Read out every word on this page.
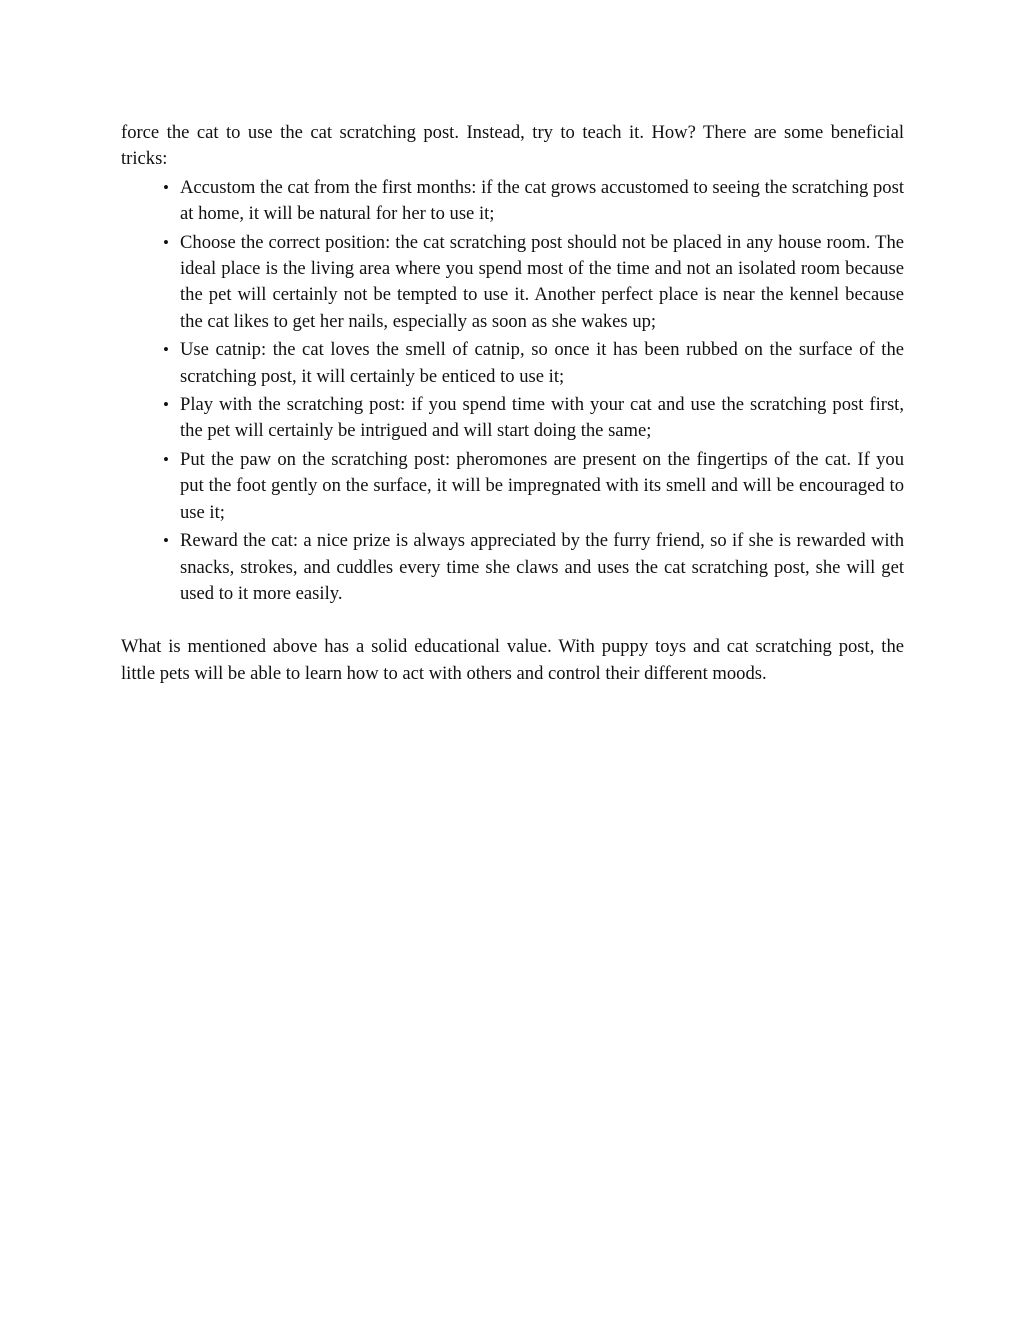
force the cat to use the cat scratching post. Instead, try to teach it. How? There are some beneficial tricks:

• Accustom the cat from the first months: if the cat grows accustomed to seeing the scratching post at home, it will be natural for her to use it;
• Choose the correct position: the cat scratching post should not be placed in any house room. The ideal place is the living area where you spend most of the time and not an isolated room because the pet will certainly not be tempted to use it. Another perfect place is near the kennel because the cat likes to get her nails, especially as soon as she wakes up;
• Use catnip: the cat loves the smell of catnip, so once it has been rubbed on the surface of the scratching post, it will certainly be enticed to use it;
• Play with the scratching post: if you spend time with your cat and use the scratching post first, the pet will certainly be intrigued and will start doing the same;
• Put the paw on the scratching post: pheromones are present on the fingertips of the cat. If you put the foot gently on the surface, it will be impregnated with its smell and will be encouraged to use it;
• Reward the cat: a nice prize is always appreciated by the furry friend, so if she is rewarded with snacks, strokes, and cuddles every time she claws and uses the cat scratching post, she will get used to it more easily.

What is mentioned above has a solid educational value. With puppy toys and cat scratching post, the little pets will be able to learn how to act with others and control their different moods.
